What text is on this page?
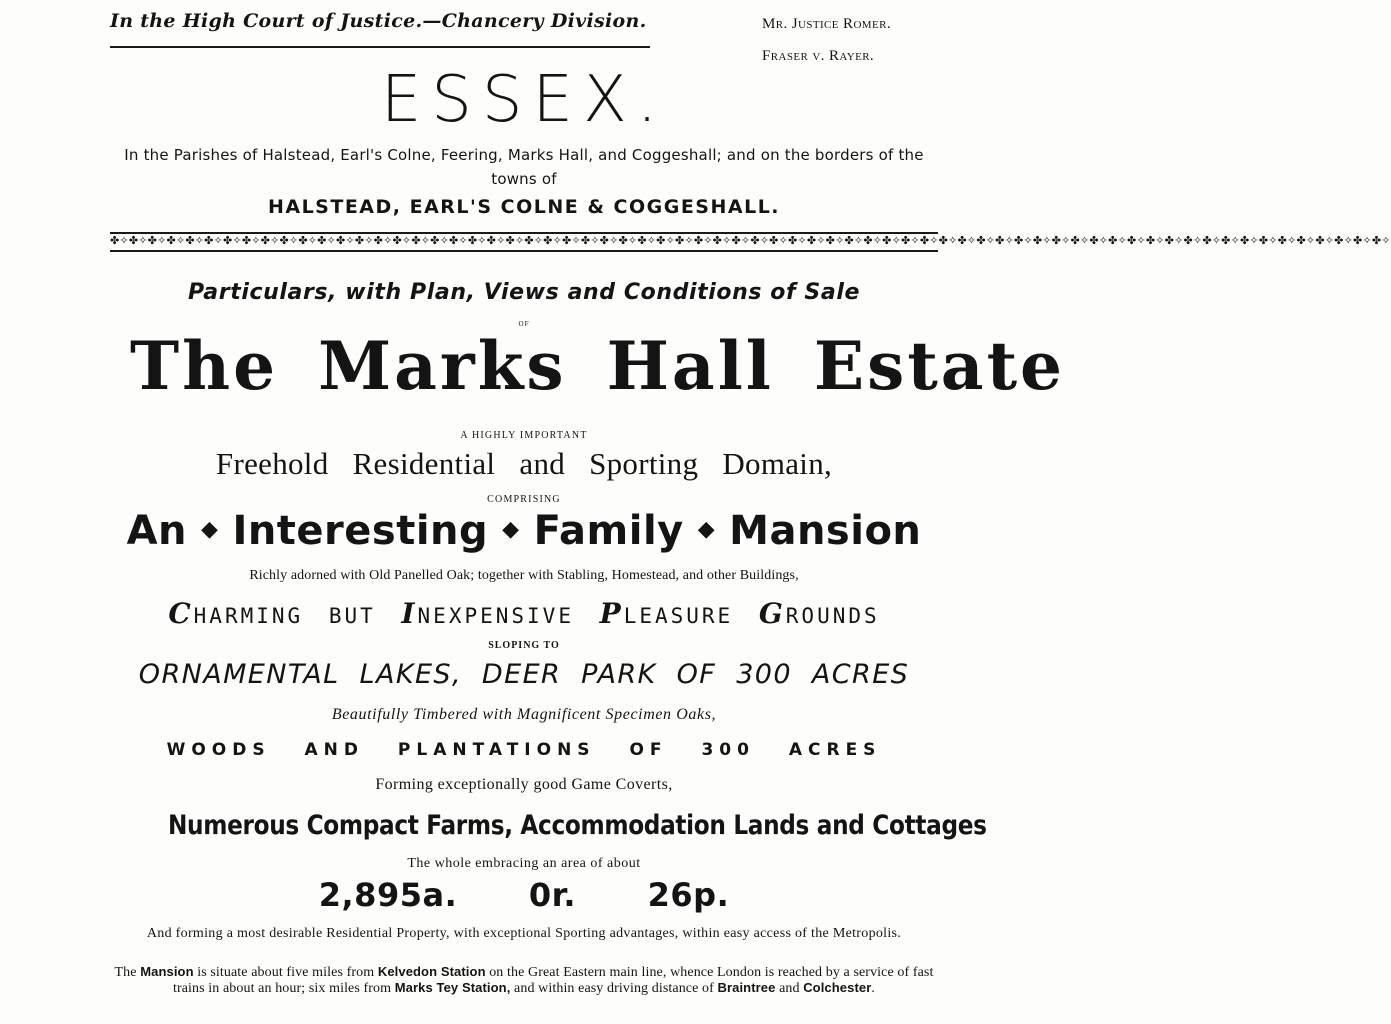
In the High Court of Justice.—Chancery Division.	Mr. Justice Romer.
Fraser v. Rayer.
ESSEX.
In the Parishes of Halstead, Earl's Colne, Feering, Marks Hall, and Coggeshall; and on the borders of the towns of
HALSTEAD, EARL'S COLNE & COGGESHALL.
✤✧✤✧✤✧✤✧✤✧✤✧✤✧✤✧✤✧✤✧✤✧✤✧✤✧✤✧✤✧✤✧✤✧✤✧✤✧✤✧✤✧✤✧✤✧✤✧✤✧✤✧✤✧✤✧✤✧✤✧✤✧✤✧✤✧✤✧✤✧✤✧✤✧✤✧✤✧✤✧✤✧✤✧✤✧✤✧✤✧✤✧✤✧✤✧✤✧✤✧✤✧✤✧✤✧✤✧✤✧✤✧✤✧✤✧✤✧✤✧✤✧✤✧✤✧✤✧✤✧✤✧✤✧✤✧
Particulars, with Plan, Views and Conditions of Sale
OF
The Marks Hall Estate
A HIGHLY IMPORTANT
Freehold Residential and Sporting Domain,
COMPRISING
An ◆ Interesting ◆ Family ◆ Mansion
Richly adorned with Old Panelled Oak; together with Stabling, Homestead, and other Buildings,
CHARMING BUT INEXPENSIVE PLEASURE GROUNDS
SLOPING TO
ORNAMENTAL LAKES, DEER PARK OF 300 ACRES
Beautifully Timbered with Magnificent Specimen Oaks,
WOODS AND PLANTATIONS OF 300 ACRES
Forming exceptionally good Game Coverts,
Numerous Compact Farms, Accommodation Lands and Cottages
The whole embracing an area of about
2,895a. 0r. 26p.
And forming a most desirable Residential Property, with exceptional Sporting advantages, within easy access of the Metropolis.
The Mansion is situate about five miles from Kelvedon Station on the Great Eastern main line, whence London is reached by a service of fast trains in about an hour; six miles from Marks Tey Station, and within easy driving distance of Braintree and Colchester.
